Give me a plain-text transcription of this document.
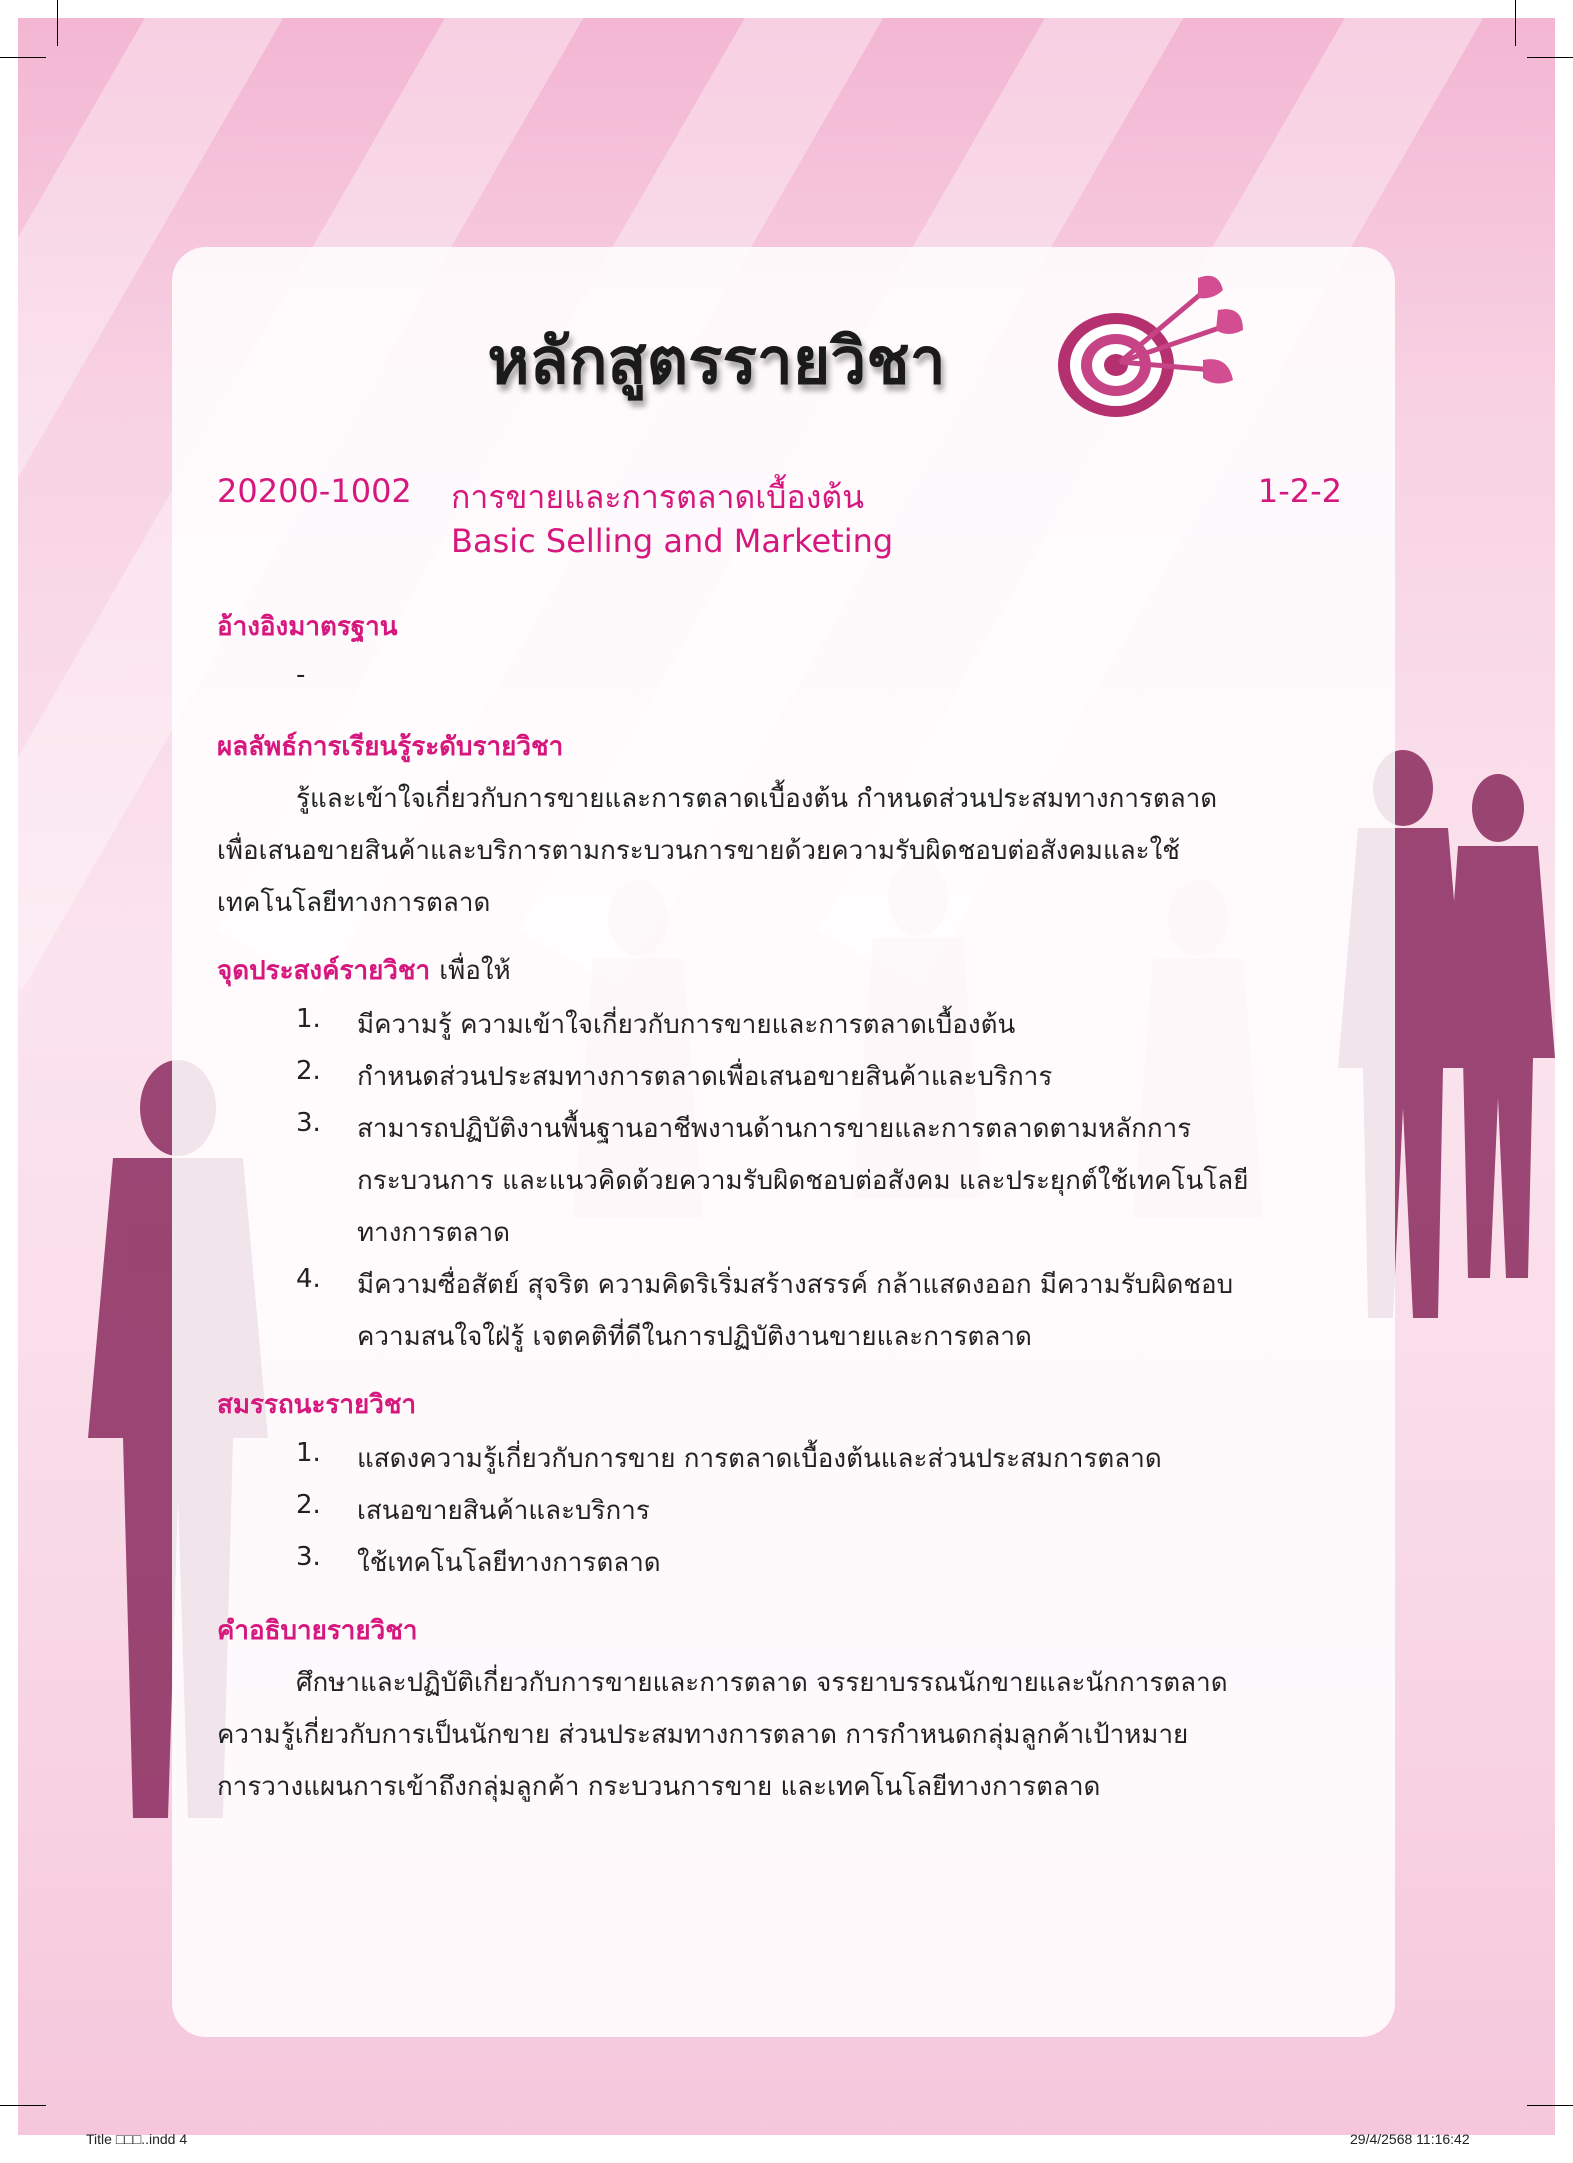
หลักสูตรรายวิชา
20200-1002 การขายและการตลาดเบื้องต้น	1-2-2
Basic Selling and Marketing
อ้างอิงมาตรฐาน
-
ผลลัพธ์การเรียนรู้ระดับรายวิชา
รู้และเข้าใจเกี่ยวกับการขายและการตลาดเบื้องต้น กำหนดส่วนประสมทางการตลาด
เพื่อเสนอขายสินค้าและบริการตามกระบวนการขายด้วยความรับผิดชอบต่อสังคมและใช้
เทคโนโลยีทางการตลาด
จุดประสงค์รายวิชา เพื่อให้
1. มีความรู้ ความเข้าใจเกี่ยวกับการขายและการตลาดเบื้องต้น
2. กำหนดส่วนประสมทางการตลาดเพื่อเสนอขายสินค้าและบริการ
3. สามารถปฏิบัติงานพื้นฐานอาชีพงานด้านการขายและการตลาดตามหลักการ
กระบวนการ และแนวคิดด้วยความรับผิดชอบต่อสังคม และประยุกต์ใช้เทคโนโลยี
ทางการตลาด
4. มีความซื่อสัตย์ สุจริต ความคิดริเริ่มสร้างสรรค์ กล้าแสดงออก มีความรับผิดชอบ
ความสนใจใฝ่รู้ เจตคติที่ดีในการปฏิบัติงานขายและการตลาด
สมรรถนะรายวิชา
1. แสดงความรู้เกี่ยวกับการขาย การตลาดเบื้องต้นและส่วนประสมการตลาด
2. เสนอขายสินค้าและบริการ
3. ใช้เทคโนโลยีทางการตลาด
คำอธิบายรายวิชา
ศึกษาและปฏิบัติเกี่ยวกับการขายและการตลาด จรรยาบรรณนักขายและนักการตลาด
ความรู้เกี่ยวกับการเป็นนักขาย ส่วนประสมทางการตลาด การกำหนดกลุ่มลูกค้าเป้าหมาย
การวางแผนการเข้าถึงกลุ่มลูกค้า กระบวนการขาย และเทคโนโลยีทางการตลาด
Title □□□..indd 4	29/4/2568 11:16:42
